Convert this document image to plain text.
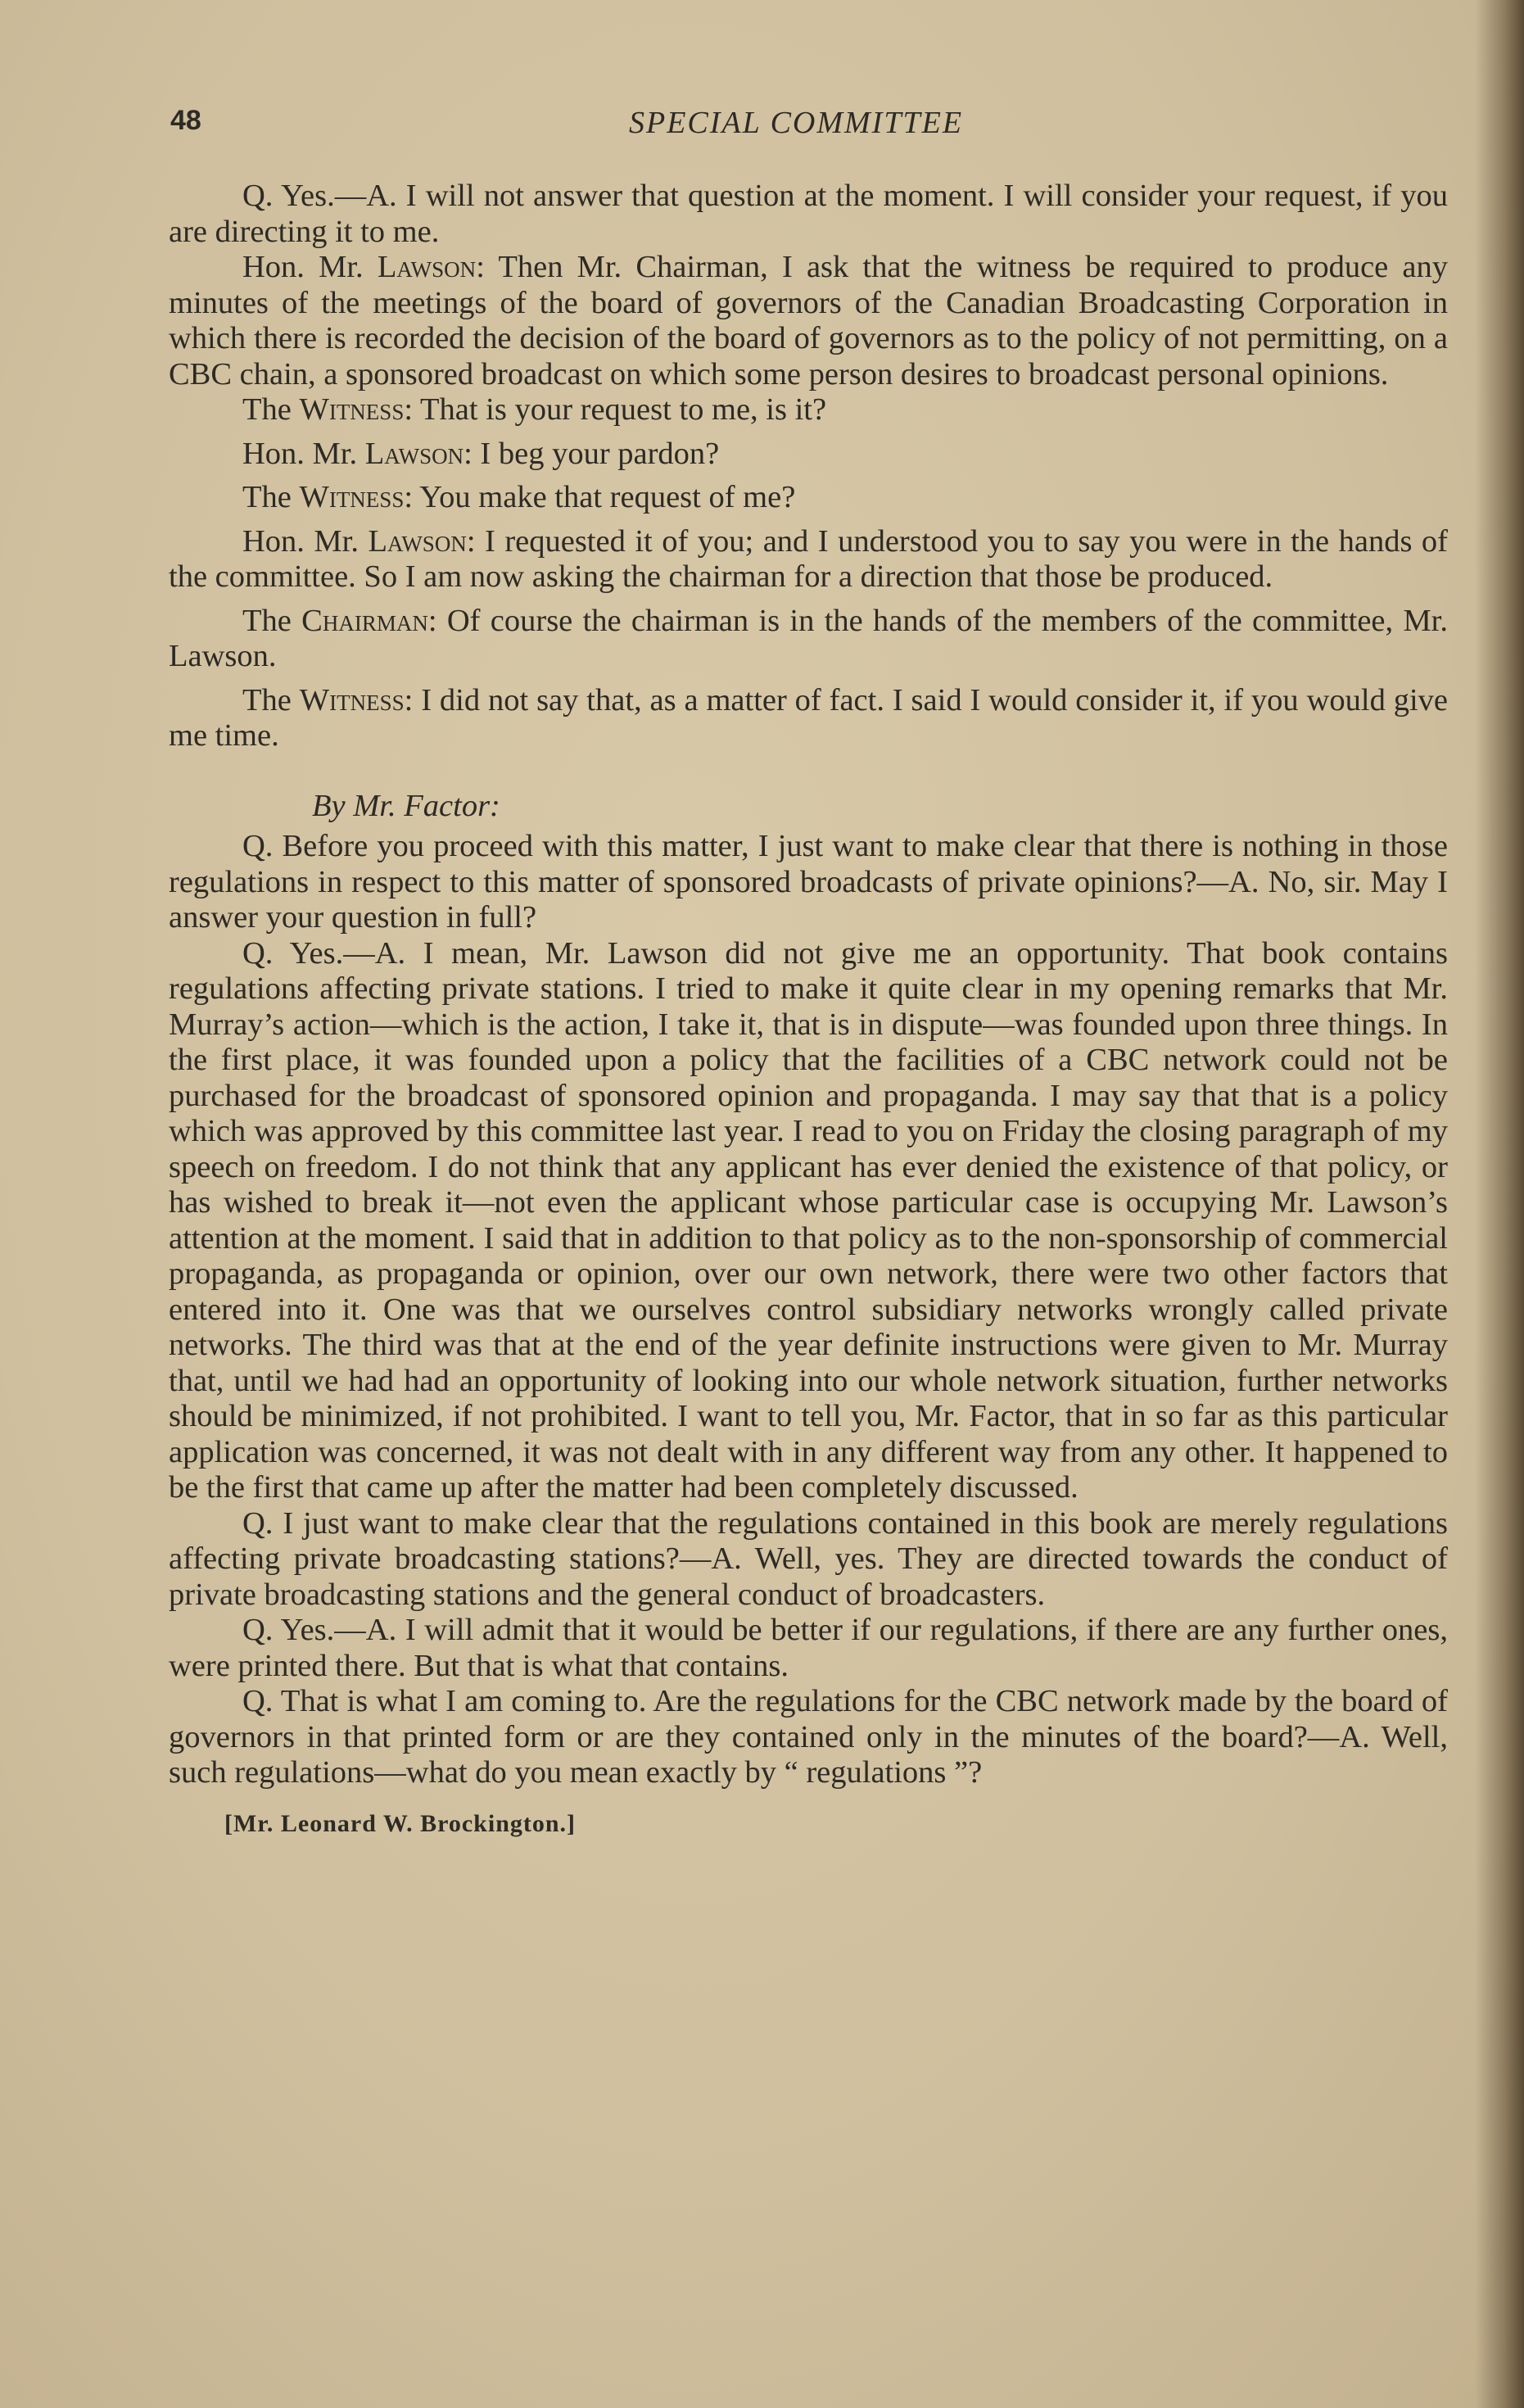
48	SPECIAL COMMITTEE

Q. Yes.—A. I will not answer that question at the moment. I will consider your request, if you are directing it to me.

Hon. Mr. Lawson: Then Mr. Chairman, I ask that the witness be required to produce any minutes of the meetings of the board of governors of the Canadian Broadcasting Corporation in which there is recorded the decision of the board of governors as to the policy of not permitting, on a CBC chain, a sponsored broadcast on which some person desires to broadcast personal opinions.

The Witness: That is your request to me, is it?

Hon. Mr. Lawson: I beg your pardon?

The Witness: You make that request of me?

Hon. Mr. Lawson: I requested it of you; and I understood you to say you were in the hands of the committee. So I am now asking the chairman for a direction that those be produced.

The Chairman: Of course the chairman is in the hands of the members of the committee, Mr. Lawson.

The Witness: I did not say that, as a matter of fact. I said I would consider it, if you would give me time.

By Mr. Factor:

Q. Before you proceed with this matter, I just want to make clear that there is nothing in those regulations in respect to this matter of sponsored broadcasts of private opinions?—A. No, sir. May I answer your question in full?

Q. Yes.—A. I mean, Mr. Lawson did not give me an opportunity. That book contains regulations affecting private stations. I tried to make it quite clear in my opening remarks that Mr. Murray’s action—which is the action, I take it, that is in dispute—was founded upon three things. In the first place, it was founded upon a policy that the facilities of a CBC network could not be purchased for the broadcast of sponsored opinion and propaganda. I may say that that is a policy which was approved by this committee last year. I read to you on Friday the closing paragraph of my speech on freedom. I do not think that any applicant has ever denied the existence of that policy, or has wished to break it—not even the applicant whose particular case is occupying Mr. Lawson’s attention at the moment. I said that in addition to that policy as to the non-sponsorship of commercial propaganda, as propaganda or opinion, over our own network, there were two other factors that entered into it. One was that we ourselves control subsidiary networks wrongly called private networks. The third was that at the end of the year definite instructions were given to Mr. Murray that, until we had had an opportunity of looking into our whole network situation, further networks should be minimized, if not prohibited. I want to tell you, Mr. Factor, that in so far as this particular application was concerned, it was not dealt with in any different way from any other. It happened to be the first that came up after the matter had been completely discussed.

Q. I just want to make clear that the regulations contained in this book are merely regulations affecting private broadcasting stations?—A. Well, yes. They are directed towards the conduct of private broadcasting stations and the general conduct of broadcasters.

Q. Yes.—A. I will admit that it would be better if our regulations, if there are any further ones, were printed there. But that is what that contains.

Q. That is what I am coming to. Are the regulations for the CBC network made by the board of governors in that printed form or are they contained only in the minutes of the board?—A. Well, such regulations—what do you mean exactly by “ regulations ”?

[Mr. Leonard W. Brockington.]
